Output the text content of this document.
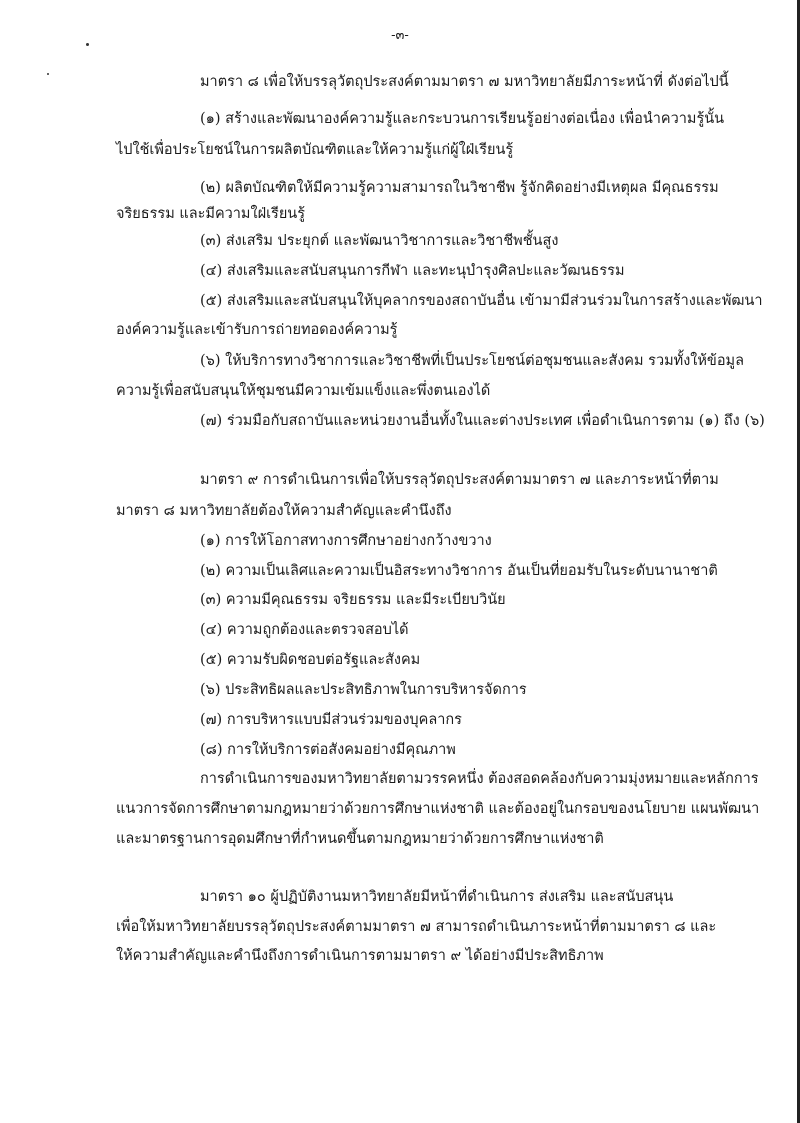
-๓-
มาตรา ๘ เพื่อให้บรรลุวัตถุประสงค์ตามมาตรา ๗ มหาวิทยาลัยมีภาระหน้าที่ ดังต่อไปนี้
(๑) สร้างและพัฒนาองค์ความรู้และกระบวนการเรียนรู้อย่างต่อเนื่อง เพื่อนำความรู้นั้น
ไปใช้เพื่อประโยชน์ในการผลิตบัณฑิตและให้ความรู้แก่ผู้ใฝ่เรียนรู้
(๒) ผลิตบัณฑิตให้มีความรู้ความสามารถในวิชาชีพ รู้จักคิดอย่างมีเหตุผล มีคุณธรรม
จริยธรรม และมีความใฝ่เรียนรู้
(๓) ส่งเสริม ประยุกต์ และพัฒนาวิชาการและวิชาชีพชั้นสูง
(๔) ส่งเสริมและสนับสนุนการกีฬา และทะนุบำรุงศิลปะและวัฒนธรรม
(๕) ส่งเสริมและสนับสนุนให้บุคลากรของสถาบันอื่น เข้ามามีส่วนร่วมในการสร้างและพัฒนา
องค์ความรู้และเข้ารับการถ่ายทอดองค์ความรู้
(๖) ให้บริการทางวิชาการและวิชาชีพที่เป็นประโยชน์ต่อชุมชนและสังคม รวมทั้งให้ข้อมูล
ความรู้เพื่อสนับสนุนให้ชุมชนมีความเข้มแข็งและพึ่งตนเองได้
(๗) ร่วมมือกับสถาบันและหน่วยงานอื่นทั้งในและต่างประเทศ เพื่อดำเนินการตาม (๑) ถึง (๖)
มาตรา ๙ การดำเนินการเพื่อให้บรรลุวัตถุประสงค์ตามมาตรา ๗ และภาระหน้าที่ตาม
มาตรา ๘ มหาวิทยาลัยต้องให้ความสำคัญและคำนึงถึง
(๑) การให้โอกาสทางการศึกษาอย่างกว้างขวาง
(๒) ความเป็นเลิศและความเป็นอิสระทางวิชาการ อันเป็นที่ยอมรับในระดับนานาชาติ
(๓) ความมีคุณธรรม จริยธรรม และมีระเบียบวินัย
(๔) ความถูกต้องและตรวจสอบได้
(๕) ความรับผิดชอบต่อรัฐและสังคม
(๖) ประสิทธิผลและประสิทธิภาพในการบริหารจัดการ
(๗) การบริหารแบบมีส่วนร่วมของบุคลากร
(๘) การให้บริการต่อสังคมอย่างมีคุณภาพ
การดำเนินการของมหาวิทยาลัยตามวรรคหนึ่ง ต้องสอดคล้องกับความมุ่งหมายและหลักการ
แนวการจัดการศึกษาตามกฎหมายว่าด้วยการศึกษาแห่งชาติ และต้องอยู่ในกรอบของนโยบาย แผนพัฒนา
และมาตรฐานการอุดมศึกษาที่กำหนดขึ้นตามกฎหมายว่าด้วยการศึกษาแห่งชาติ
มาตรา ๑๐ ผู้ปฏิบัติงานมหาวิทยาลัยมีหน้าที่ดำเนินการ ส่งเสริม และสนับสนุน
เพื่อให้มหาวิทยาลัยบรรลุวัตถุประสงค์ตามมาตรา ๗ สามารถดำเนินภาระหน้าที่ตามมาตรา ๘ และ
ให้ความสำคัญและคำนึงถึงการดำเนินการตามมาตรา ๙ ได้อย่างมีประสิทธิภาพ
